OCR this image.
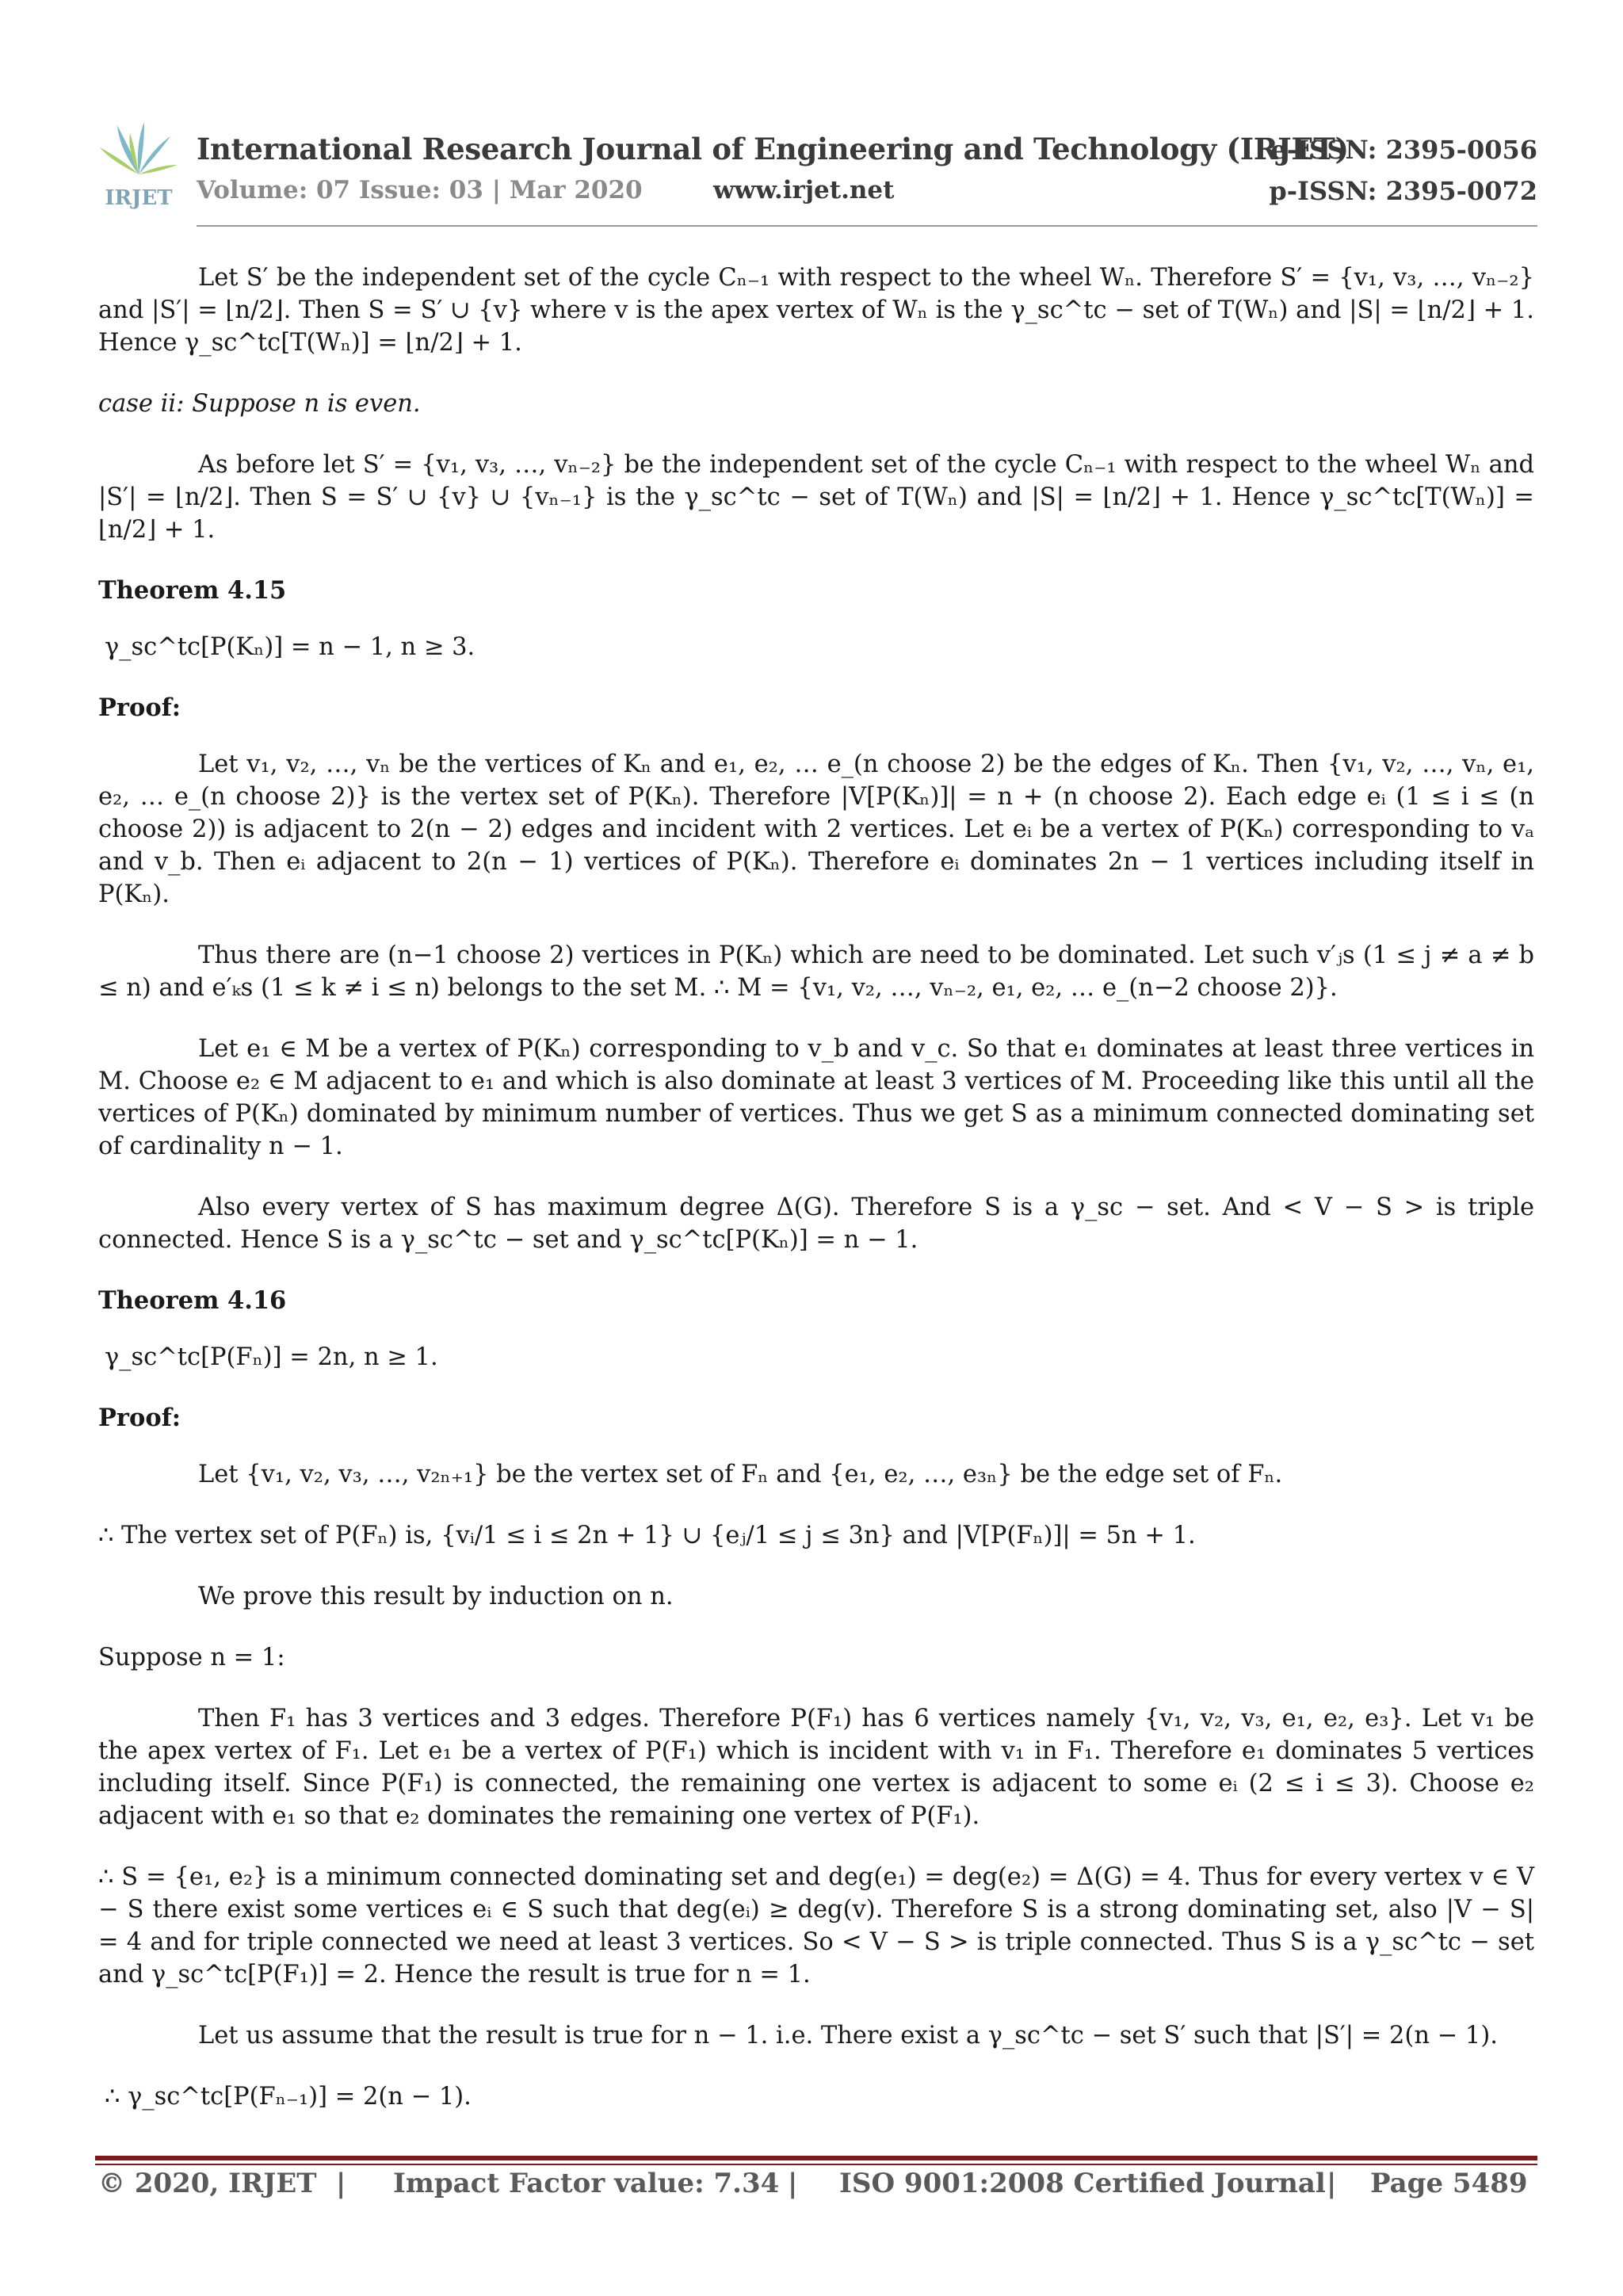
IRJET
International Research Journal of Engineering and Technology (IRJET)
e-ISSN: 2395-0056
Volume: 07 Issue: 03 | Mar 2020	www.irjet.net	p-ISSN: 2395-0072

Let S′ be the independent set of the cycle Cₙ₋₁ with respect to the wheel Wₙ. Therefore S′ = {v₁, v₃, …, vₙ₋₂} and |S′| = ⌊n/2⌋. Then S = S′ ∪ {v} where v is the apex vertex of Wₙ is the γ_sc^tc − set of T(Wₙ) and |S| = ⌊n/2⌋ + 1. Hence γ_sc^tc[T(Wₙ)] = ⌊n/2⌋ + 1.

case ii: Suppose n is even.

As before let S′ = {v₁, v₃, …, vₙ₋₂} be the independent set of the cycle Cₙ₋₁ with respect to the wheel Wₙ and |S′| = ⌊n/2⌋. Then S = S′ ∪ {v} ∪ {vₙ₋₁} is the γ_sc^tc − set of T(Wₙ) and |S| = ⌊n/2⌋ + 1. Hence γ_sc^tc[T(Wₙ)] = ⌊n/2⌋ + 1.

Theorem 4.15

γ_sc^tc[P(Kₙ)] = n − 1, n ≥ 3.

Proof:

Let v₁, v₂, …, vₙ be the vertices of Kₙ and e₁, e₂, … e_(n choose 2) be the edges of Kₙ. Then {v₁, v₂, …, vₙ, e₁, e₂, … e_(n choose 2)} is the vertex set of P(Kₙ). Therefore |V[P(Kₙ)]| = n + (n choose 2). Each edge eᵢ (1 ≤ i ≤ (n choose 2)) is adjacent to 2(n − 2) edges and incident with 2 vertices. Let eᵢ be a vertex of P(Kₙ) corresponding to vₐ and v_b. Then eᵢ adjacent to 2(n − 1) vertices of P(Kₙ). Therefore eᵢ dominates 2n − 1 vertices including itself in P(Kₙ).

Thus there are (n−1 choose 2) vertices in P(Kₙ) which are need to be dominated. Let such v′ⱼs (1 ≤ j ≠ a ≠ b ≤ n) and e′ₖs (1 ≤ k ≠ i ≤ n) belongs to the set M. ∴ M = {v₁, v₂, …, vₙ₋₂, e₁, e₂, … e_(n−2 choose 2)}.

Let e₁ ∈ M be a vertex of P(Kₙ) corresponding to v_b and v_c. So that e₁ dominates at least three vertices in M. Choose e₂ ∈ M adjacent to e₁ and which is also dominate at least 3 vertices of M. Proceeding like this until all the vertices of P(Kₙ) dominated by minimum number of vertices. Thus we get S as a minimum connected dominating set of cardinality n − 1.

Also every vertex of S has maximum degree Δ(G). Therefore S is a γ_sc − set. And < V − S > is triple connected. Hence S is a γ_sc^tc − set and γ_sc^tc[P(Kₙ)] = n − 1.

Theorem 4.16

γ_sc^tc[P(Fₙ)] = 2n, n ≥ 1.

Proof:

Let {v₁, v₂, v₃, …, v₂ₙ₊₁} be the vertex set of Fₙ and {e₁, e₂, …, e₃ₙ} be the edge set of Fₙ.

∴ The vertex set of P(Fₙ) is, {vᵢ/1 ≤ i ≤ 2n + 1} ∪ {eⱼ/1 ≤ j ≤ 3n} and |V[P(Fₙ)]| = 5n + 1.

We prove this result by induction on n.

Suppose n = 1:

Then F₁ has 3 vertices and 3 edges. Therefore P(F₁) has 6 vertices namely {v₁, v₂, v₃, e₁, e₂, e₃}. Let v₁ be the apex vertex of F₁. Let e₁ be a vertex of P(F₁) which is incident with v₁ in F₁. Therefore e₁ dominates 5 vertices including itself. Since P(F₁) is connected, the remaining one vertex is adjacent to some eᵢ (2 ≤ i ≤ 3). Choose e₂ adjacent with e₁ so that e₂ dominates the remaining one vertex of P(F₁).

∴ S = {e₁, e₂} is a minimum connected dominating set and deg(e₁) = deg(e₂) = Δ(G) = 4. Thus for every vertex v ∈ V − S there exist some vertices eᵢ ∈ S such that deg(eᵢ) ≥ deg(v). Therefore S is a strong dominating set, also |V − S| = 4 and for triple connected we need at least 3 vertices. So < V − S > is triple connected. Thus S is a γ_sc^tc − set and γ_sc^tc[P(F₁)] = 2. Hence the result is true for n = 1.

Let us assume that the result is true for n − 1. i.e. There exist a γ_sc^tc − set S′ such that |S′| = 2(n − 1).

∴ γ_sc^tc[P(Fₙ₋₁)] = 2(n − 1).

© 2020, IRJET | Impact Factor value: 7.34 | ISO 9001:2008 Certified Journal | Page 5489
